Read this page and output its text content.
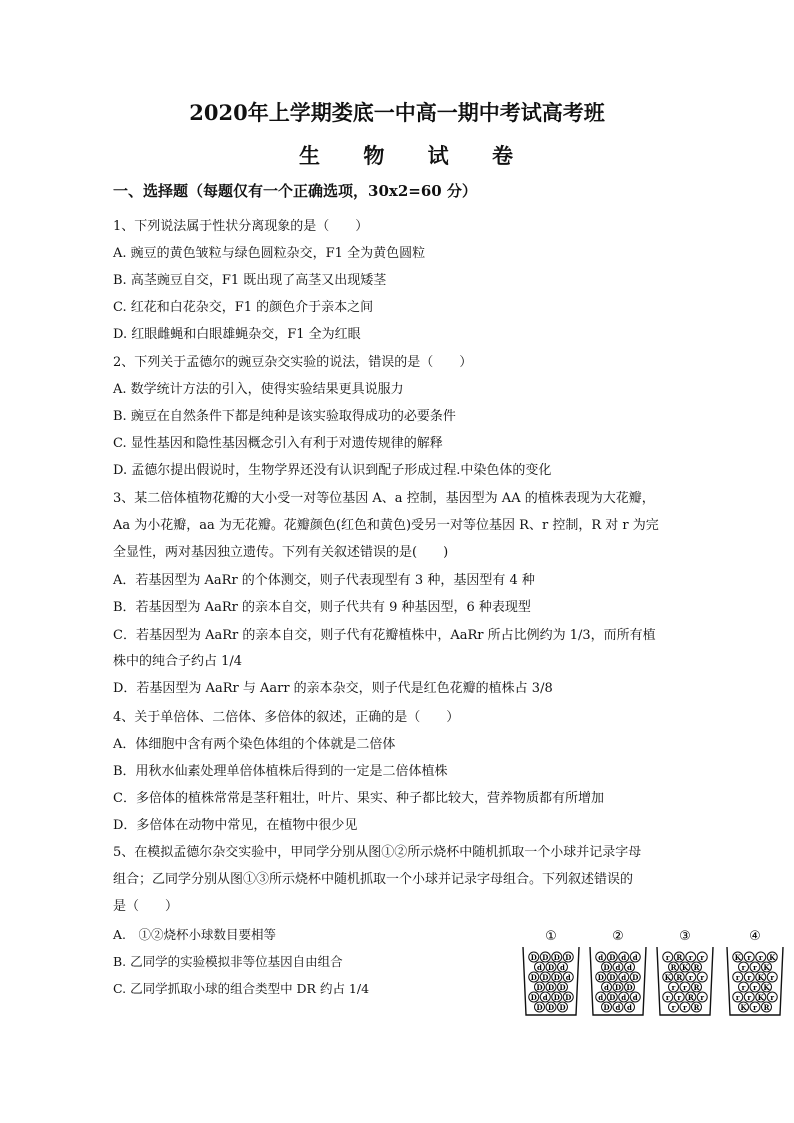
2020年上学期娄底一中高一期中考试高考班
生 物 试 卷
一、选择题（每题仅有一个正确选项，30x2=60 分）
1、下列说法属于性状分离现象的是（　　）
A. 豌豆的黄色皱粒与绿色圆粒杂交，F1 全为黄色圆粒
B. 高茎豌豆自交，F1 既出现了高茎又出现矮茎
C. 红花和白花杂交，F1 的颜色介于亲本之间
D. 红眼雌蝇和白眼雄蝇杂交，F1 全为红眼
2、下列关于孟德尔的豌豆杂交实验的说法，错误的是（　　）
A. 数学统计方法的引入，使得实验结果更具说服力
B. 豌豆在自然条件下都是纯种是该实验取得成功的必要条件
C. 显性基因和隐性基因概念引入有利于对遗传规律的解释
D. 孟德尔提出假说时，生物学界还没有认识到配子形成过程.中染色体的变化
3、某二倍体植物花瓣的大小受一对等位基因 A、a 控制，基因型为 AA 的植株表现为大花瓣，
Aa 为小花瓣，aa 为无花瓣。花瓣颜色(红色和黄色)受另一对等位基因 R、r 控制，R 对 r 为完
全显性，两对基因独立遗传。下列有关叙述错误的是(　　)
A．若基因型为 AaRr 的个体测交，则子代表现型有 3 种，基因型有 4 种
B．若基因型为 AaRr 的亲本自交，则子代共有 9 种基因型，6 种表现型
C．若基因型为 AaRr 的亲本自交，则子代有花瓣植株中，AaRr 所占比例约为 1/3，而所有植
株中的纯合子约占 1/4
D．若基因型为 AaRr 与 Aarr 的亲本杂交，则子代是红色花瓣的植株占 3/8
4、关于单倍体、二倍体、多倍体的叙述，正确的是（　　）
A．体细胞中含有两个染色体组的个体就是二倍体
B．用秋水仙素处理单倍体植株后得到的一定是二倍体植株
C．多倍体的植株常常是茎秆粗壮，叶片、果实、种子都比较大，营养物质都有所增加
D．多倍体在动物中常见，在植物中很少见
5、在模拟孟德尔杂交实验中，甲同学分别从图①②所示烧杯中随机抓取一个小球并记录字母
组合；乙同学分别从图①③所示烧杯中随机抓取一个小球并记录字母组合。下列叙述错误的
是（　　）
A.　①②烧杯小球数目要相等
B. 乙同学的实验模拟非等位基因自由组合
C. 乙同学抓取小球的组合类型中 DR 约占 1/4
①
D D D D
d D d
D D D d
D D D
D d D D
D D D
②
d D d d
D d d
D D d D
d D D
d D d d
D d d
③
r R r r
R K R
K R r r
r r R
r r R r
r r R
④
K r r K
r r K
r r K r
r r K
r r K r
K r R
